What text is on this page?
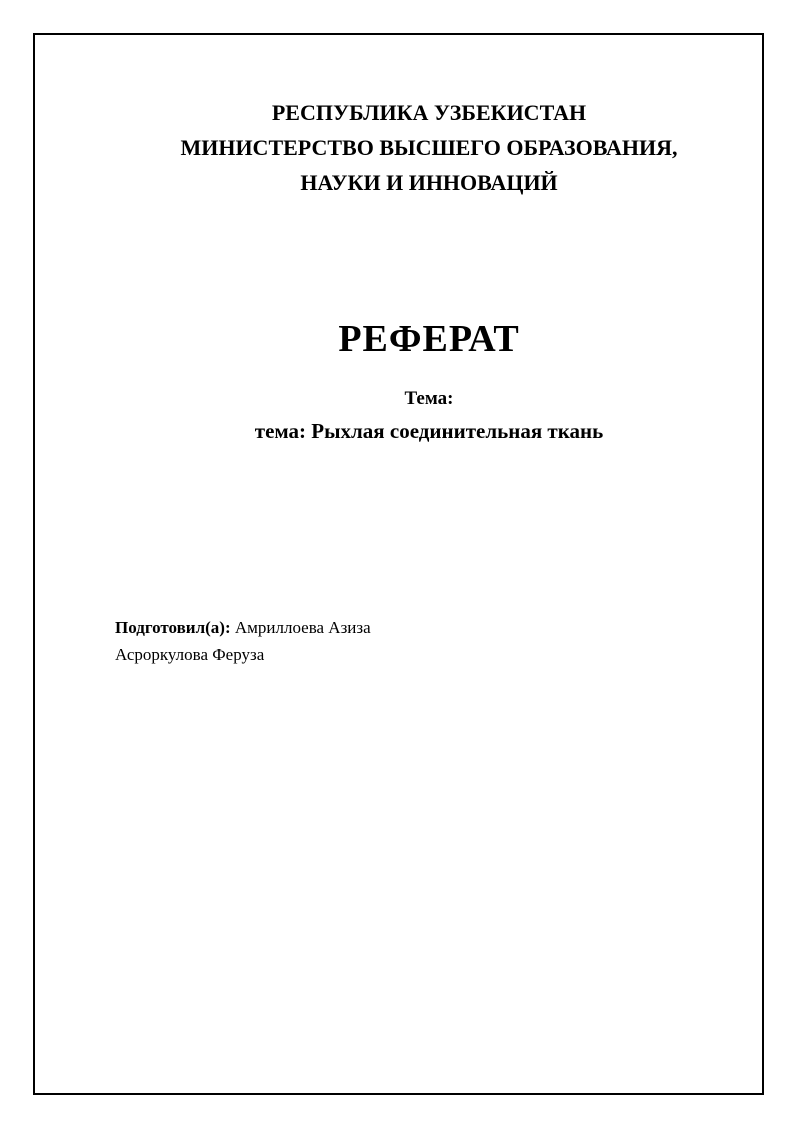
РЕСПУБЛИКА УЗБЕКИСТАН
МИНИСТЕРСТВО ВЫСШЕГО ОБРАЗОВАНИЯ,
НАУКИ И ИННОВАЦИЙ
РЕФЕРАТ
Тема:
тема: Рыхлая соединительная ткань
Подготовил(а): Амриллоева Азиза
Асроркулова Феруза
